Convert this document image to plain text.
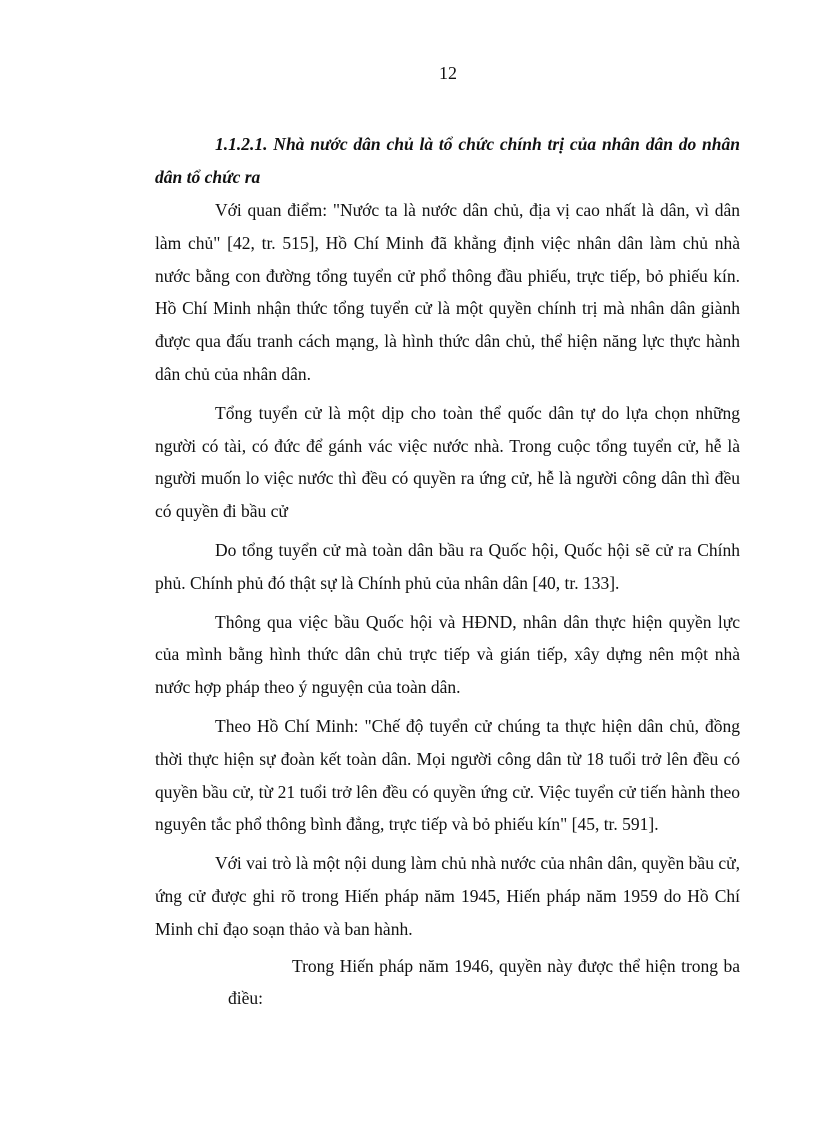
12

1.1.2.1. Nhà nước dân chủ là tổ chức chính trị của nhân dân do nhân dân tổ chức ra

Với quan điểm: "Nước ta là nước dân chủ, địa vị cao nhất là dân, vì dân làm chủ" [42, tr. 515], Hồ Chí Minh đã khẳng định việc nhân dân làm chủ nhà nước bằng con đường tổng tuyển cử phổ thông đầu phiếu, trực tiếp, bỏ phiếu kín. Hồ Chí Minh nhận thức tổng tuyển cử là một quyền chính trị mà nhân dân giành được qua đấu tranh cách mạng, là hình thức dân chủ, thể hiện năng lực thực hành dân chủ của nhân dân.

Tổng tuyển cử là một dịp cho toàn thể quốc dân tự do lựa chọn những người có tài, có đức để gánh vác việc nước nhà. Trong cuộc tổng tuyển cử, hễ là người muốn lo việc nước thì đều có quyền ra ứng cử, hễ là người công dân thì đều có quyền đi bầu cử

Do tổng tuyển cử mà toàn dân bầu ra Quốc hội, Quốc hội sẽ cử ra Chính phủ. Chính phủ đó thật sự là Chính phủ của nhân dân [40, tr. 133].

Thông qua việc bầu Quốc hội và HĐND, nhân dân thực hiện quyền lực của mình bằng hình thức dân chủ trực tiếp và gián tiếp, xây dựng nên một nhà nước hợp pháp theo ý nguyện của toàn dân.

Theo Hồ Chí Minh: "Chế độ tuyển cử chúng ta thực hiện dân chủ, đồng thời thực hiện sự đoàn kết toàn dân. Mọi người công dân từ 18 tuổi trở lên đều có quyền bầu cử, từ 21 tuổi trở lên đều có quyền ứng cử. Việc tuyển cử tiến hành theo nguyên tắc phổ thông bình đẳng, trực tiếp và bỏ phiếu kín" [45, tr. 591].

Với vai trò là một nội dung làm chủ nhà nước của nhân dân, quyền bầu cử, ứng cử được ghi rõ trong Hiến pháp năm 1945, Hiến pháp năm 1959 do Hồ Chí Minh chỉ đạo soạn thảo và ban hành.

Trong Hiến pháp năm 1946, quyền này được thể hiện trong ba điều:
